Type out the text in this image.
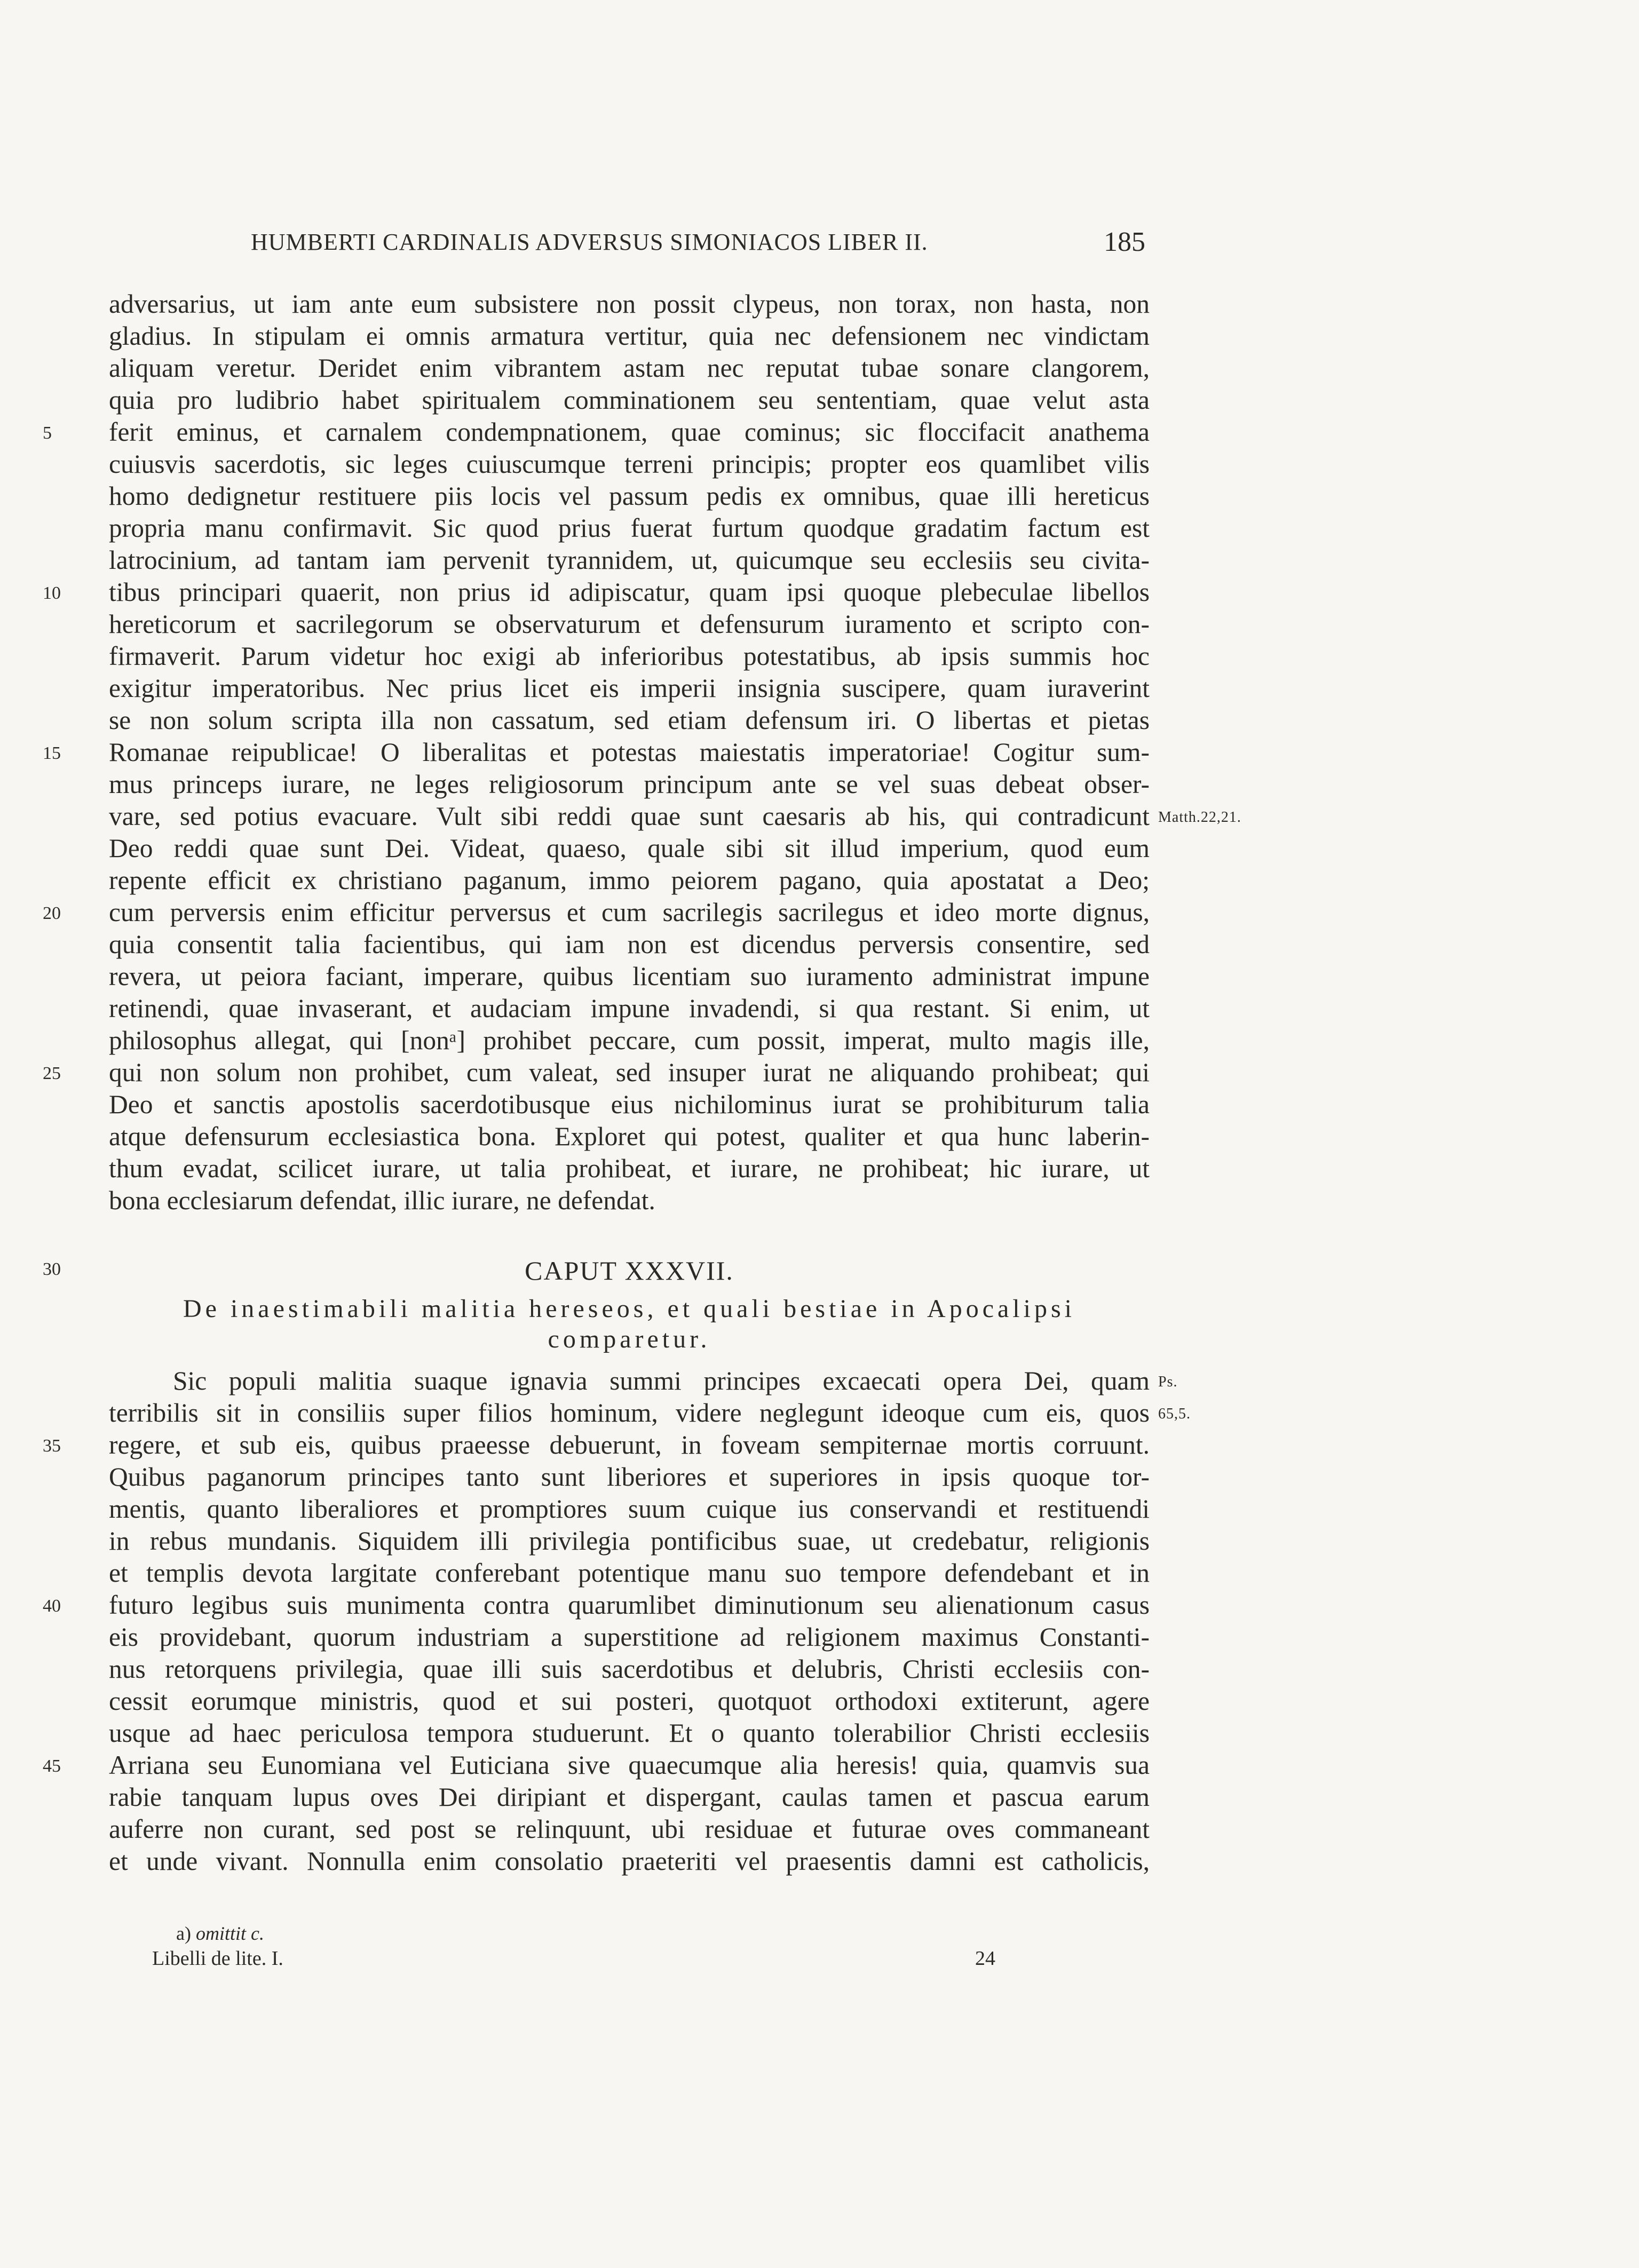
HUMBERTI CARDINALIS ADVERSUS SIMONIACOS LIBER II.	185
adversarius, ut iam ante eum subsistere non possit clypeus, non torax, non hasta, non
gladius. In stipulam ei omnis armatura vertitur, quia nec defensionem nec vindictam
aliquam veretur. Deridet enim vibrantem astam nec reputat tubae sonare clangorem,
quia pro ludibrio habet spiritualem comminationem seu sententiam, quae velut asta
ferit eminus, et carnalem condempnationem, quae cominus; sic floccifacit anathema
cuiusvis sacerdotis, sic leges cuiuscumque terreni principis; propter eos quamlibet vilis
homo dedignetur restituere piis locis vel passum pedis ex omnibus, quae illi hereticus
propria manu confirmavit. Sic quod prius fuerat furtum quodque gradatim factum est
latrocinium, ad tantam iam pervenit tyrannidem, ut, quicumque seu ecclesiis seu civita-
tibus principari quaerit, non prius id adipiscatur, quam ipsi quoque plebeculae libellos
hereticorum et sacrilegorum se observaturum et defensurum iuramento et scripto con-
firmaverit. Parum videtur hoc exigi ab inferioribus potestatibus, ab ipsis summis hoc
exigitur imperatoribus. Nec prius licet eis imperii insignia suscipere, quam iuraverint
se non solum scripta illa non cassatum, sed etiam defensum iri. O libertas et pietas
Romanae reipublicae! O liberalitas et potestas maiestatis imperatoriae! Cogitur sum-
mus princeps iurare, ne leges religiosorum principum ante se vel suas debeat obser-
vare, sed potius evacuare. Vult sibi reddi quae sunt caesaris ab his, qui contradicunt
Deo reddi quae sunt Dei. Videat, quaeso, quale sibi sit illud imperium, quod eum
repente efficit ex christiano paganum, immo peiorem pagano, quia apostatat a Deo;
cum perversis enim efficitur perversus et cum sacrilegis sacrilegus et ideo morte dignus,
quia consentit talia facientibus, qui iam non est dicendus perversis consentire, sed
revera, ut peiora faciant, imperare, quibus licentiam suo iuramento administrat impune
retinendi, quae invaserant, et audaciam impune invadendi, si qua restant. Si enim, ut
philosophus allegat, qui [nonᵃ] prohibet peccare, cum possit, imperat, multo magis ille,
qui non solum non prohibet, cum valeat, sed insuper iurat ne aliquando prohibeat; qui
Deo et sanctis apostolis sacerdotibusque eius nichilominus iurat se prohibiturum talia
atque defensurum ecclesiastica bona. Exploret qui potest, qualiter et qua hunc laberin-
thum evadat, scilicet iurare, ut talia prohibeat, et iurare, ne prohibeat; hic iurare, ut
bona ecclesiarum defendat, illic iurare, ne defendat.
5
10
15
20
25
Matth.22,21.
30	CAPUT XXXVII.
De inaestimabili malitia hereseos, et quali bestiae in Apocalipsi
comparetur.
Sic populi malitia suaque ignavia summi principes excaecati opera Dei, quam
terribilis sit in consiliis super filios hominum, videre neglegunt ideoque cum eis, quos
regere, et sub eis, quibus praeesse debuerunt, in foveam sempiternae mortis corruunt.
Quibus paganorum principes tanto sunt liberiores et superiores in ipsis quoque tor-
mentis, quanto liberaliores et promptiores suum cuique ius conservandi et restituendi
in rebus mundanis. Siquidem illi privilegia pontificibus suae, ut credebatur, religionis
et templis devota largitate conferebant potentique manu suo tempore defendebant et in
futuro legibus suis munimenta contra quarumlibet diminutionum seu alienationum casus
eis providebant, quorum industriam a superstitione ad religionem maximus Constanti-
nus retorquens privilegia, quae illi suis sacerdotibus et delubris, Christi ecclesiis con-
cessit eorumque ministris, quod et sui posteri, quotquot orthodoxi extiterunt, agere
usque ad haec periculosa tempora studuerunt. Et o quanto tolerabilior Christi ecclesiis
Arriana seu Eunomiana vel Euticiana sive quaecumque alia heresis! quia, quamvis sua
rabie tanquam lupus oves Dei diripiant et dispergant, caulas tamen et pascua earum
auferre non curant, sed post se relinquunt, ubi residuae et futurae oves commaneant
et unde vivant. Nonnulla enim consolatio praeteriti vel praesentis damni est catholicis,
35
40
45
Ps. 65,5.
a) omittit c.
Libelli de lite. I.	24
